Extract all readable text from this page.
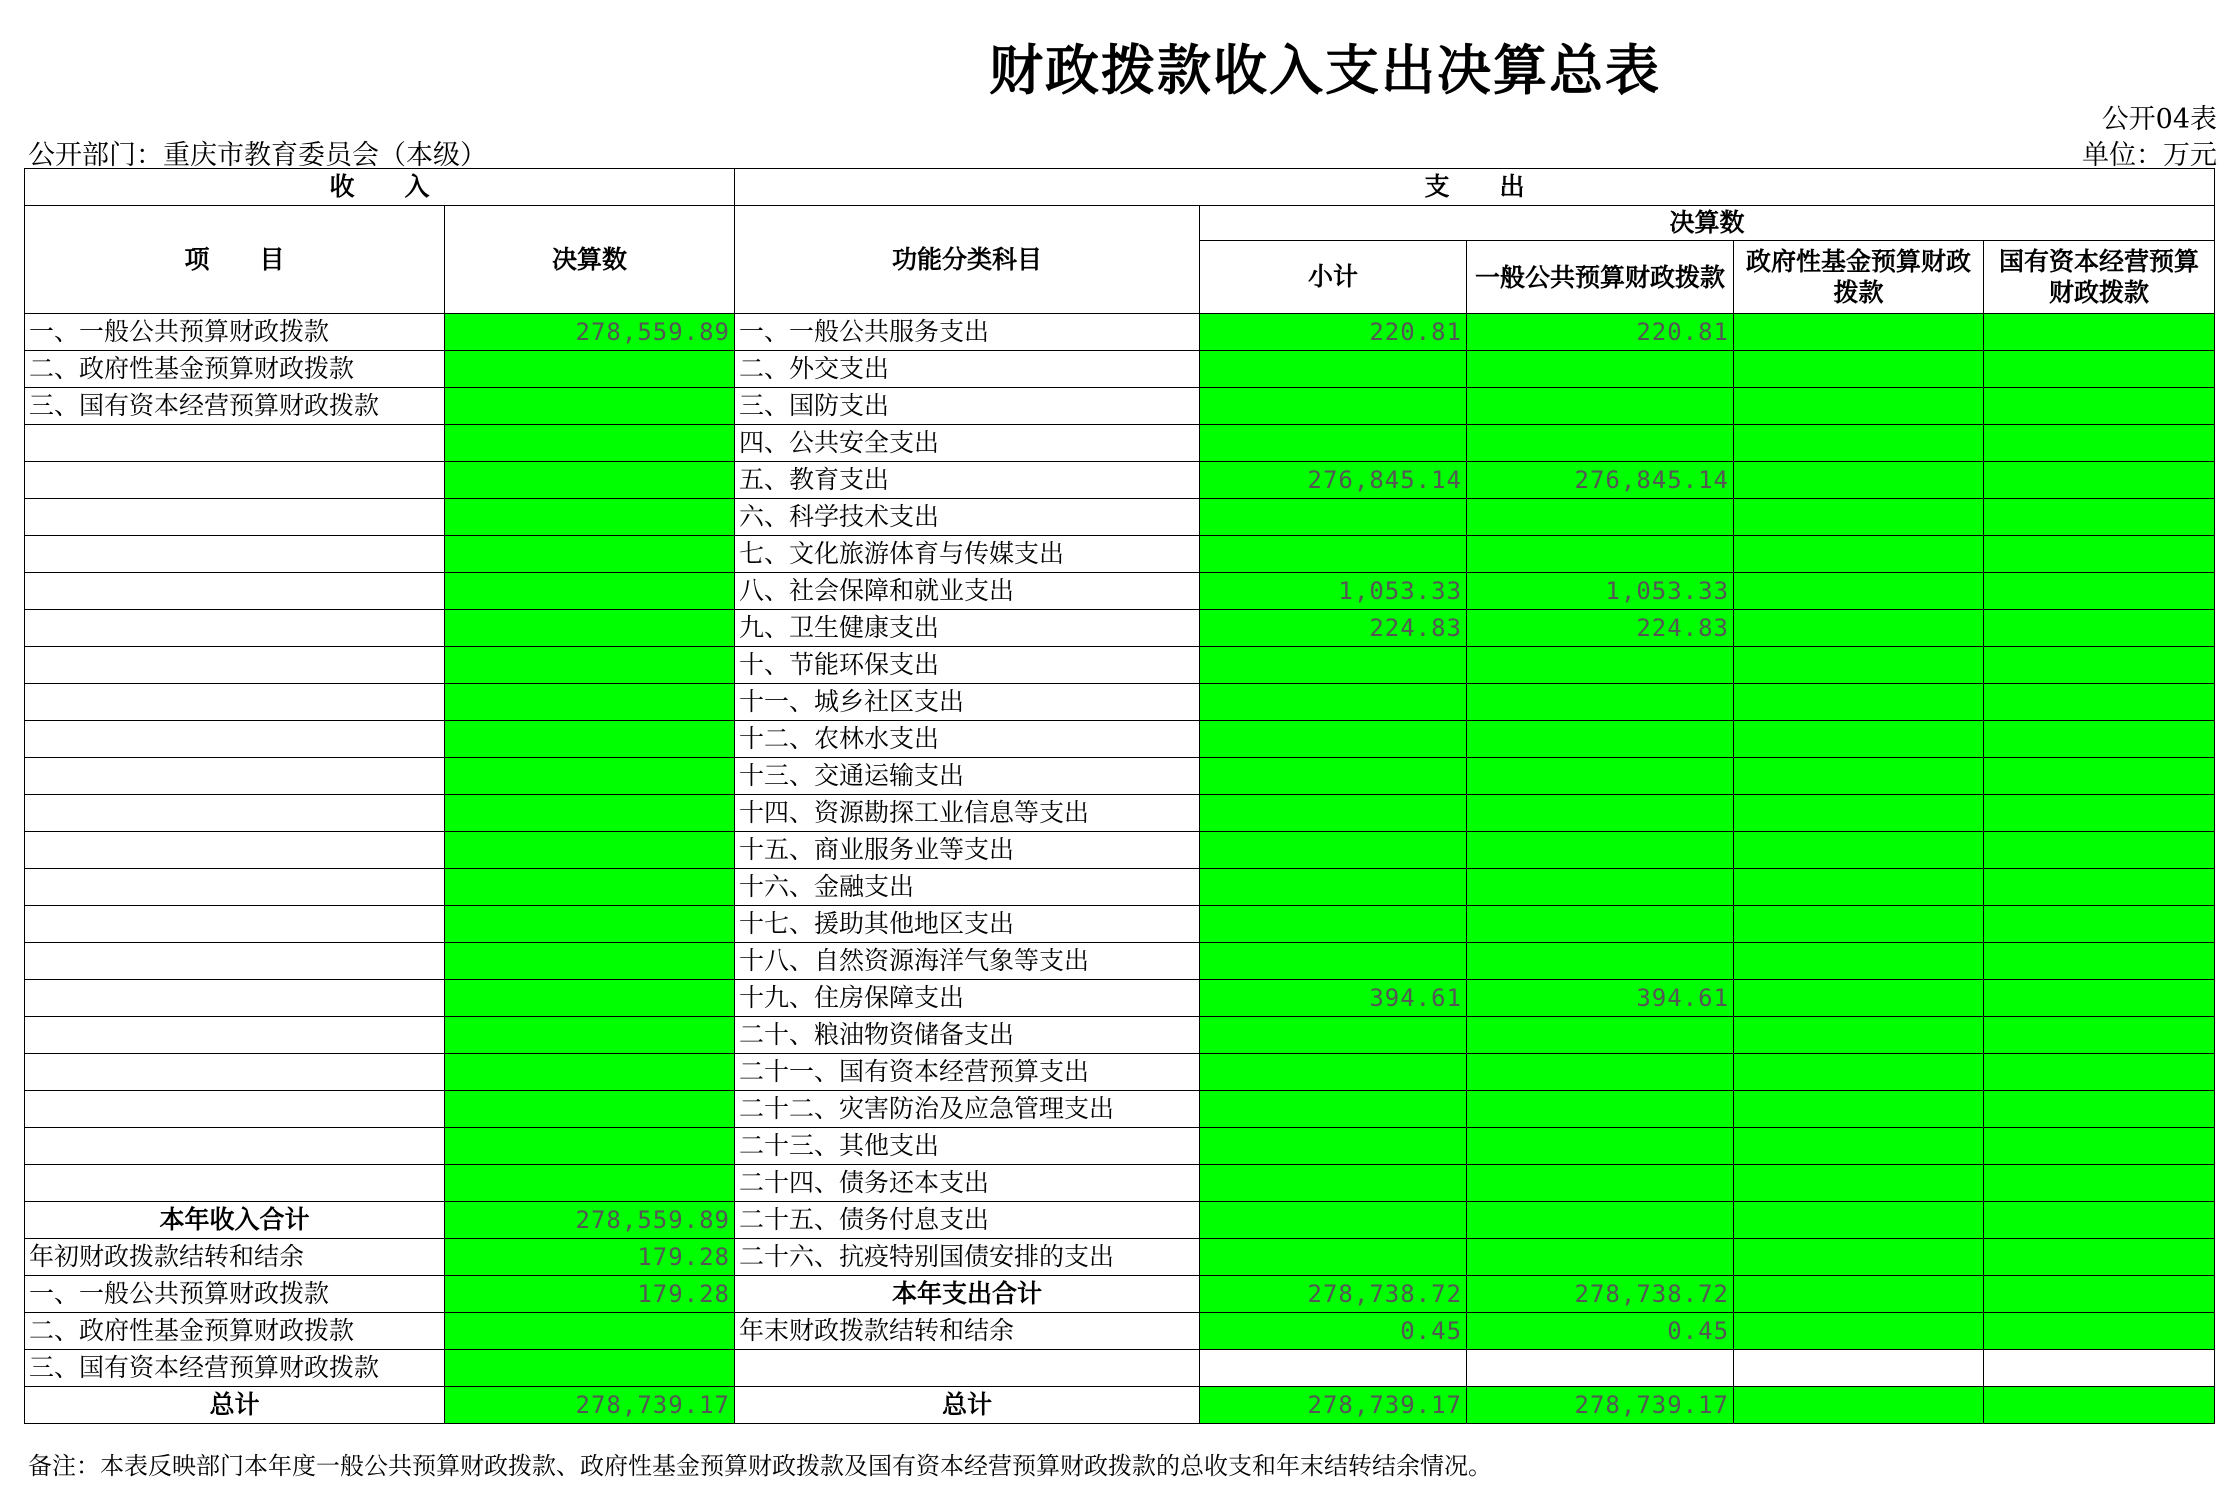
财政拨款收入支出决算总表
公开04表
公开部门：重庆市教育委员会（本级）	单位：万元
收　　入		支　　出				
项　　目	决算数	功能分类科目	决算数			
			小计	一般公共预算财政拨款	政府性基金预算财政拨款	国有资本经营预算财政拨款
一、一般公共预算财政拨款	278,559.89	一、一般公共服务支出	220.81	220.81		
二、政府性基金预算财政拨款		二、外交支出				
三、国有资本经营预算财政拨款		三、国防支出				
		四、公共安全支出				
		五、教育支出	276,845.14	276,845.14		
		六、科学技术支出				
		七、文化旅游体育与传媒支出				
		八、社会保障和就业支出	1,053.33	1,053.33		
		九、卫生健康支出	224.83	224.83		
		十、节能环保支出				
		十一、城乡社区支出				
		十二、农林水支出				
		十三、交通运输支出				
		十四、资源勘探工业信息等支出				
		十五、商业服务业等支出				
		十六、金融支出				
		十七、援助其他地区支出				
		十八、自然资源海洋气象等支出				
		十九、住房保障支出	394.61	394.61		
		二十、粮油物资储备支出				
		二十一、国有资本经营预算支出				
		二十二、灾害防治及应急管理支出				
		二十三、其他支出				
		二十四、债务还本支出				
本年收入合计	278,559.89	二十五、债务付息支出				
年初财政拨款结转和结余	179.28	二十六、抗疫特别国债安排的支出				
一、一般公共预算财政拨款	179.28	本年支出合计	278,738.72	278,738.72		
二、政府性基金预算财政拨款		年末财政拨款结转和结余	0.45	0.45		
三、国有资本经营预算财政拨款						
总计	278,739.17	总计	278,739.17	278,739.17		
备注：本表反映部门本年度一般公共预算财政拨款、政府性基金预算财政拨款及国有资本经营预算财政拨款的总收支和年末结转结余情况。
